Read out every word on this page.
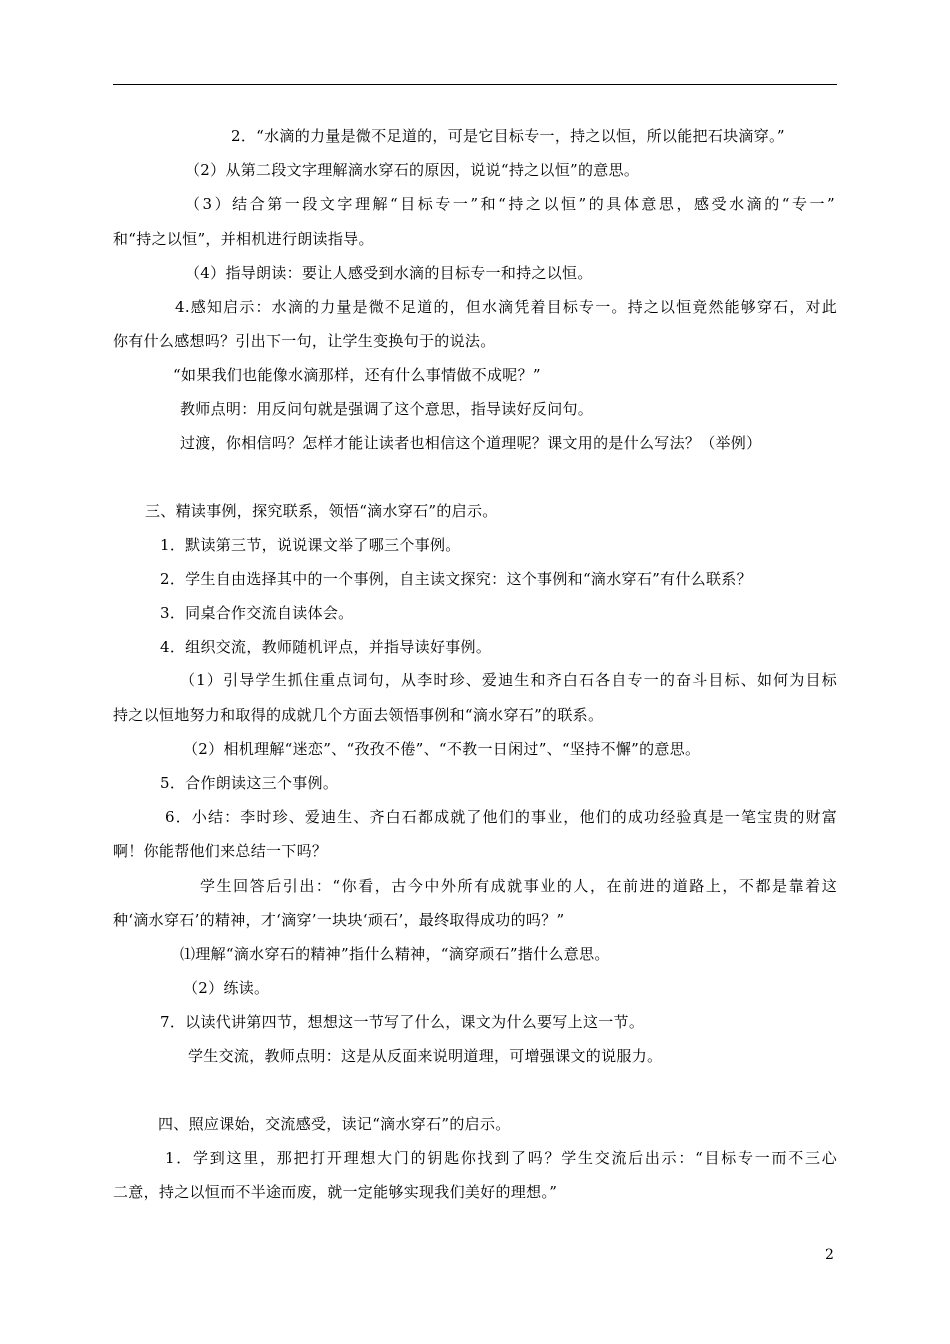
2．“水滴的力量是微不足道的，可是它目标专一，持之以恒，所以能把石块滴穿。”
（2）从第二段文字理解滴水穿石的原因，说说“持之以恒”的意思。
（3）结合第一段文字理解“目标专一”和“持之以恒”的具体意思，感受水滴的“专一”
和“持之以恒”，并相机进行朗读指导。
（4）指导朗读：要让人感受到水滴的目标专一和持之以恒。
4.感知启示：水滴的力量是微不足道的，但水滴凭着目标专一。持之以恒竟然能够穿石，对此
你有什么感想吗？引出下一句，让学生变换句于的说法。
“如果我们也能像水滴那样，还有什么事情做不成呢？”
教师点明：用反问句就是强调了这个意思，指导读好反问句。
过渡，你相信吗？怎样才能让读者也相信这个道理呢？课文用的是什么写法？（举例）
三、精读事例，探究联系，领悟“滴水穿石”的启示。
1．默读第三节，说说课文举了哪三个事例。
2．学生自由选择其中的一个事例，自主读文探究：这个事例和“滴水穿石”有什么联系？
3．同桌合作交流自读体会。
4．组织交流，教师随机评点，并指导读好事例。
（1）引导学生抓住重点词句，从李时珍、爱迪生和齐白石各自专一的奋斗目标、如何为目标
持之以恒地努力和取得的成就几个方面去领悟事例和“滴水穿石”的联系。
（2）相机理解“迷恋”、“孜孜不倦”、“不教一日闲过”、“坚持不懈”的意思。
5．合作朗读这三个事例。
6．小结：李时珍、爱迪生、齐白石都成就了他们的事业，他们的成功经验真是一笔宝贵的财富
啊！你能帮他们来总结一下吗？
学生回答后引出：“你看，古今中外所有成就事业的人，在前进的道路上，不都是靠着这
种‘滴水穿石’的精神，才‘滴穿’一块块‘顽石’，最终取得成功的吗？”
⑴理解“滴水穿石的精神”指什么精神，“滴穿顽石”揩什么意思。
（2）练读。
7．以读代讲第四节，想想这一节写了什么，课文为什么要写上这一节。
学生交流，教师点明：这是从反面来说明道理，可增强课文的说服力。
四、照应课始，交流感受，读记“滴水穿石”的启示。
1．学到这里，那把打开理想大门的钥匙你找到了吗？学生交流后出示：“目标专一而不三心
二意，持之以恒而不半途而废，就一定能够实现我们美好的理想。”
2
